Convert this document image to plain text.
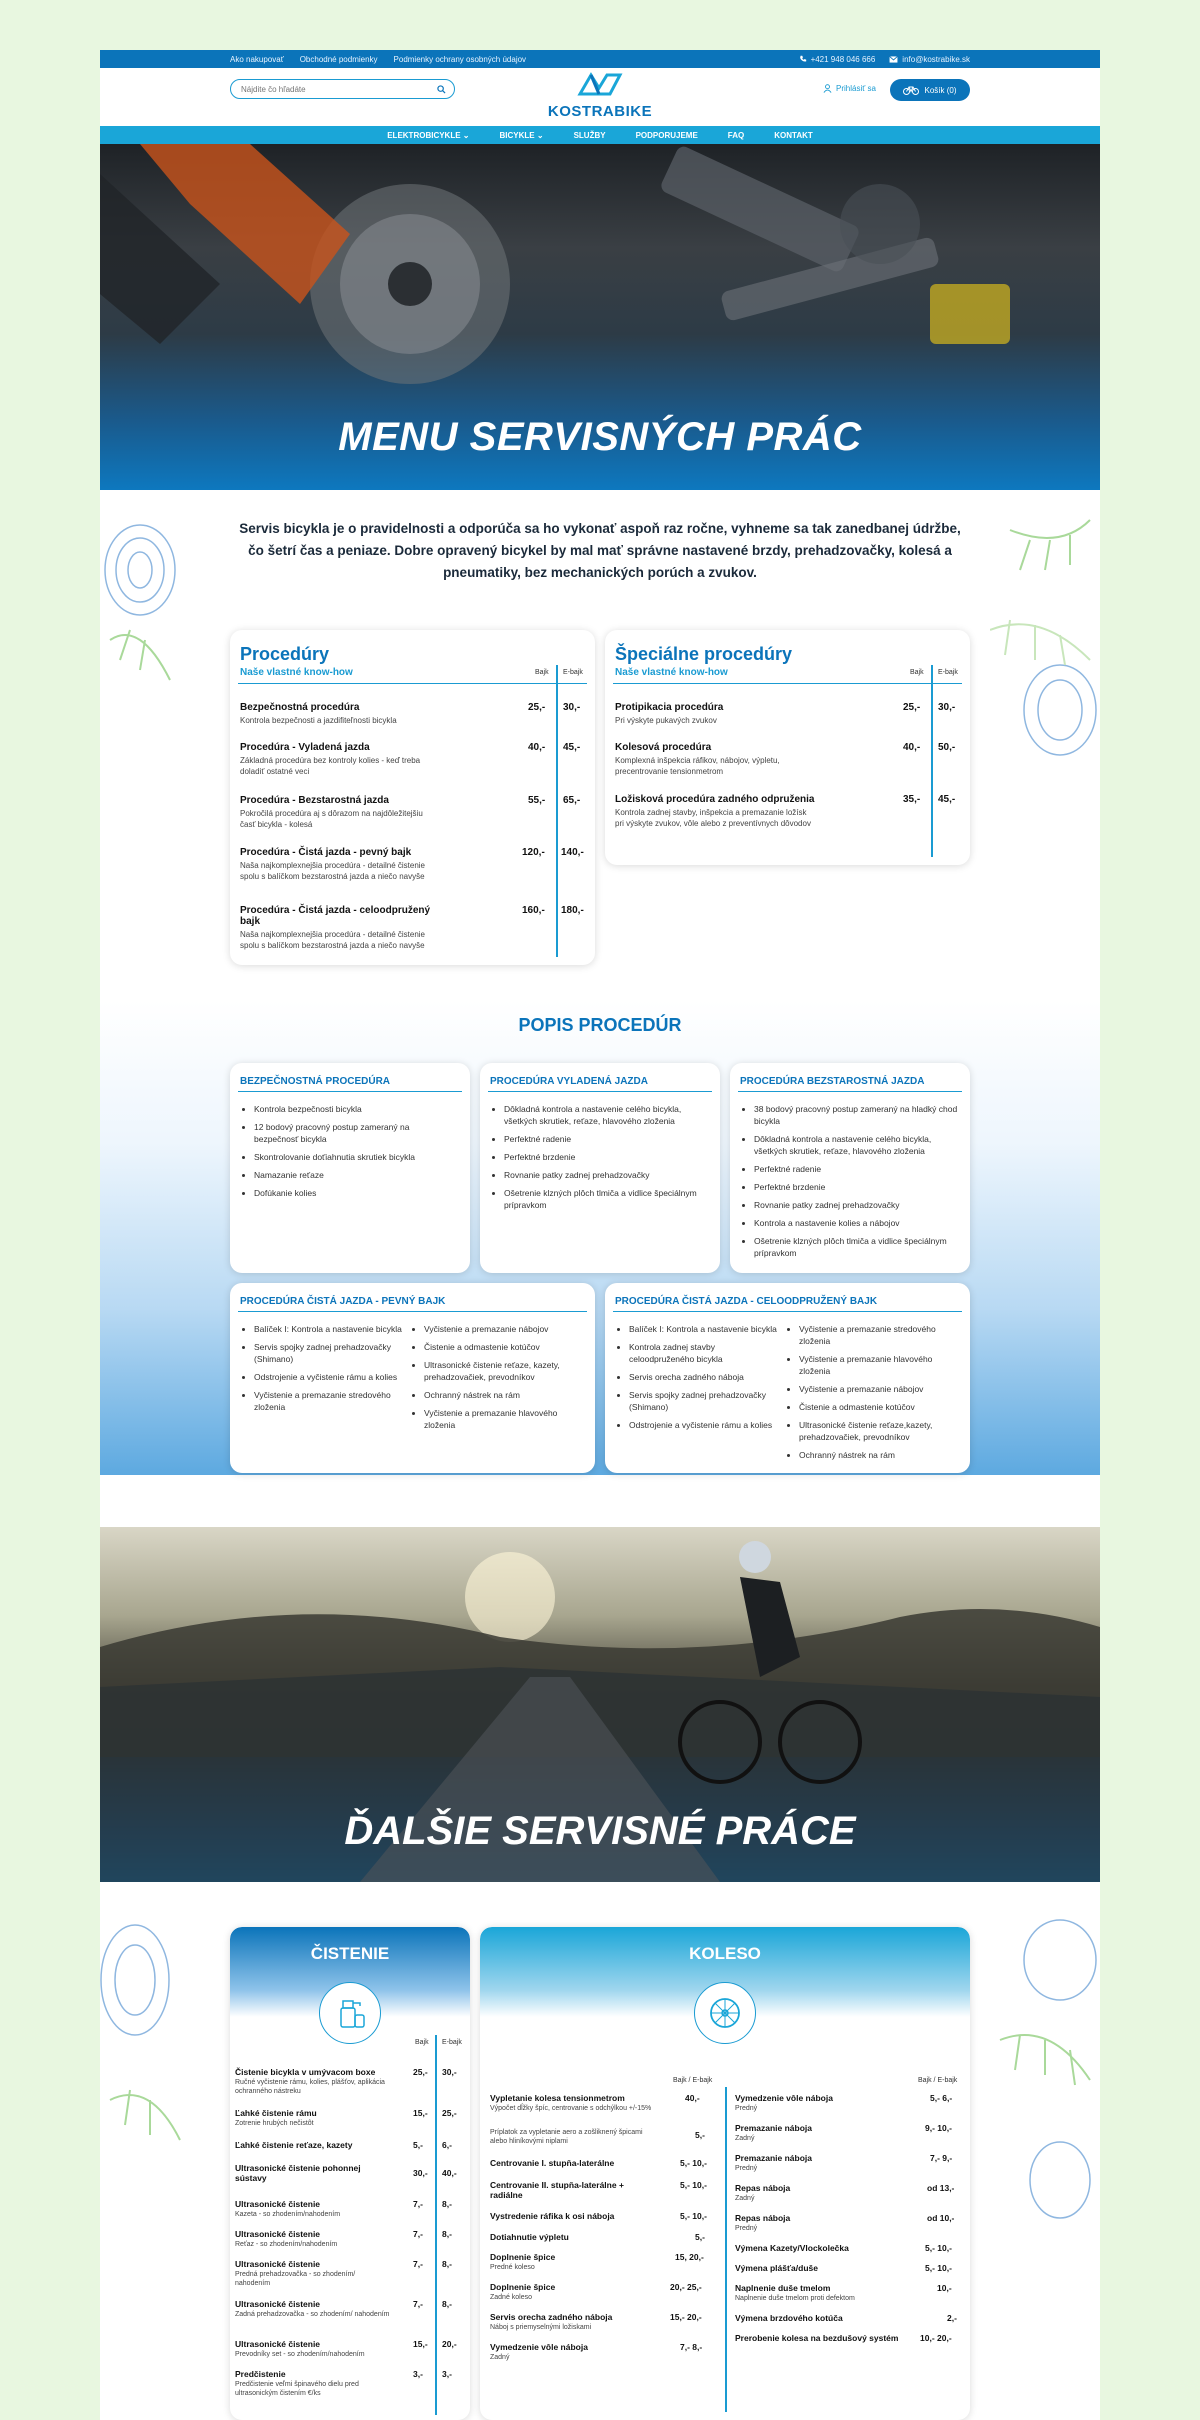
Ako nakupovať Obchodné podmienky Podmienky ochrany osobných údajov	+421 948 046 666	info@kostrabike.sk
Nájdite čo hľadáte
KOSTRABIKE
Prihlásiť sa	Košík (0)
ELEKTROBICYKLE ⌄	BICYKLE ⌄	SLUŽBY	PODPORUJEME	FAQ	KONTAKT
MENU SERVISNÝCH PRÁC
Servis bicykla je o pravidelnosti a odporúča sa ho vykonať aspoň raz ročne, vyhneme sa tak zanedbanej údržbe, čo šetrí čas a peniaze. Dobre opravený bicykel by mal mať správne nastavené brzdy, prehadzovačky, kolesá a pneumatiky, bez mechanických porúch a zvukov.
Procedúry
Naše vlastné know-how	Bajk E-bajk
Bezpečnostná procedúra
Kontrola bezpečnosti a jazdifiteľnosti bicykla
25,- 30,-
Procedúra - Vyladená jazda
Základná procedúra bez kontroly kolies - keď treba doladiť ostatné veci
40,- 45,-
Procedúra - Bezstarostná jazda
Pokročilá procedúra aj s dôrazom na najdôležitejšiu časť bicykla - kolesá
55,- 65,-
Procedúra - Čistá jazda - pevný bajk
Naša najkomplexnejšia procedúra - detailné čistenie spolu s balíčkom bezstarostná jazda a niečo navyše
120,- 140,-
Procedúra - Čistá jazda - celoodpružený bajk
Naša najkomplexnejšia procedúra - detailné čistenie spolu s balíčkom bezstarostná jazda a niečo navyše
160,- 180,-
Špeciálne procedúry
Naše vlastné know-how	Bajk E-bajk
Protipikacia procedúra
Pri výskyte pukavých zvukov
25,- 30,-
Kolesová procedúra
Komplexná inšpekcia ráfikov, nábojov, výpletu, precentrovanie tensionmetrom
40,- 50,-
Ložisková procedúra zadného odpruženia
Kontrola zadnej stavby, inšpekcia a premazanie ložísk pri výskyte zvukov, vôle alebo z preventívnych dôvodov
35,- 45,-
POPIS PROCEDÚR
BEZPEČNOSTNÁ PROCEDÚRA
• Kontrola bezpečnosti bicykla
• 12 bodový pracovný postup zameraný na bezpečnosť bicykla
• Skontrolovanie doťiahnutia skrutiek bicykla
• Namazanie reťaze
• Dofúkanie kolies
PROCEDÚRA VYLADENÁ JAZDA
• Dôkladná kontrola a nastavenie celého bicykla, všetkých skrutiek, reťaze, hlavového zloženia
• Perfektné radenie
• Perfektné brzdenie
• Rovnanie patky zadnej prehadzovačky
• Ošetrenie klzných plôch tlmiča a vidlice špeciálnym prípravkom
PROCEDÚRA BEZSTAROSTNÁ JAZDA
• 38 bodový pracovný postup zameraný na hladký chod bicykla
• Dôkladná kontrola a nastavenie celého bicykla, všetkých skrutiek, reťaze, hlavového zloženia
• Perfektné radenie
• Perfektné brzdenie
• Rovnanie patky zadnej prehadzovačky
• Kontrola a nastavenie kolies a nábojov
• Ošetrenie klzných plôch tlmiča a vidlice špeciálnym prípravkom
PROCEDÚRA ČISTÁ JAZDA - PEVNÝ BAJK
• Balíček I: Kontrola a nastavenie bicykla
• Servis spojky zadnej prehadzovačky (Shimano)
• Odstrojenie a vyčistenie rámu a kolies
• Vyčistenie a premazanie stredového zloženia
• Vyčistenie a premazanie nábojov
• Čistenie a odmastenie kotúčov
• Ultrasonické čistenie reťaze, kazety, prehadzovačiek, prevodníkov
• Ochranný nástrek na rám
• Vyčistenie a premazanie hlavového zloženia
PROCEDÚRA ČISTÁ JAZDA - CELOODPRUŽENÝ BAJK
• Balíček I: Kontrola a nastavenie bicykla
• Kontrola zadnej stavby celoodpruženého bicykla
• Servis orecha zadného nábojа
• Servis spojky zadnej prehadzovačky (Shimano)
• Odstrojenie a vyčistenie rámu a kolies
• Vyčistenie a premazanie stredového zloženia
• Vyčistenie a premazanie hlavového zloženia
• Vyčistenie a premazanie nábojov
• Čistenie a odmastenie kotúčov
• Ultrasonické čistenie reťaze,kazety, prehadzovačiek, prevodníkov
• Ochranný nástrek na rám
ĎALŠIE SERVISNÉ PRÁCE
ČISTENIE
Bajk E-bajk
Čistenie bicykla v umývacom boxe
Ručné vyčistenie rámu, kolies, plášťov, aplikácia ochranného nástreku
25,- 30,-
Ľahké čistenie rámu
Zotrenie hrubých nečistôt
15,- 25,-
Ľahké čistenie reťaze, kazety	5,- 6,-
Ultrasonické čistenie pohonnej sústavy	30,- 40,-
Ultrasonické čistenie
Kazeta - so zhodením/nahodením
7,- 8,-
Ultrasonické čistenie
Reťaz - so zhodením/nahodením
7,- 8,-
Ultrasonické čistenie
Predná prehadzovačka - so zhodením/ nahodením
7,- 8,-
Ultrasonické čistenie
Zadná prehadzovačka - so zhodením/ nahodením
7,- 8,-
Ultrasonické čistenie
Prevodníky set - so zhodením/nahodením
15,- 20,-
Predčistenie
Predčistenie veľmi špinavého dielu pred ultrasonickým čistením €/ks
3,- 3,-
KOLESO
Bajk / E-bajk	Bajk / E-bajk
Vypletanie kolesa tensionmetrom
Výpočet dĺžky špíc, centrovanie s odchýlkou +/-15%
40,-
Príplatok za vypletanie aero a zošliknený špicami alebo hliníkovými niplami
5,-
Centrovanie I. stupňa-laterálne	5,- 10,-
Centrovanie II. stupňa-laterálne + radiálne
5,- 10,-
Vystredenie ráfika k osi nábojа	5,- 10,-
Dotiahnutie výpletu	5,-
Doplnenie špice
Predné koleso
15, 20,-
Doplnenie špice
Zadné koleso
20,- 25,-
Servis orecha zadného nábojа
Náboj s priemyselnými ložiskami
15,- 20,-
Vymedzenie vôle nábojа
Zadný
7,- 8,-
Vymedzenie vôle nábojа
Predný
5,- 6,-
Premazanie nábojа
Zadný
9,- 10,-
Premazanie nábojа
Predný
7,- 9,-
Repas nábojа
Zadný
od 13,-
Repas nábojа
Predný
od 10,-
Výmena Kazety/Vlockolečka	5,- 10,-
Výmena plášťa/duše	5,- 10,-
Naplnenie duše tmelom
Naplnenie duše tmelom proti defektom
10,-
Výmena brzdového kotúča	2,-
Prerobenie kolesa na bezdušový systém	10,- 20,-
